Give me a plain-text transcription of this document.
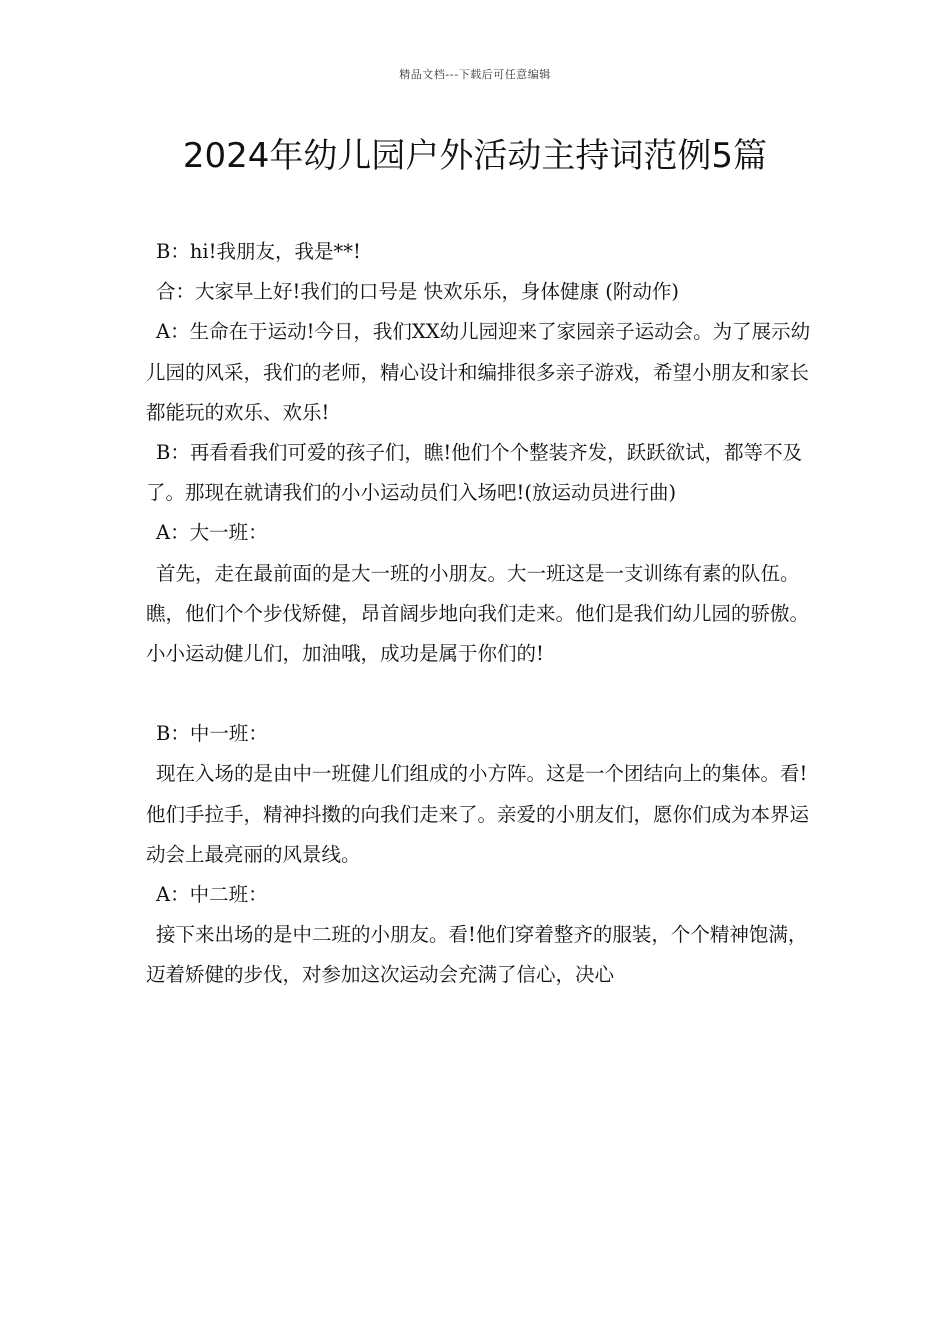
精品文档---下载后可任意编辑
2024年幼儿园户外活动主持词范例5篇

B：hi!我朋友，我是**!

合：大家早上好!我们的口号是 快欢乐乐，身体健康 (附动作)

A：生命在于运动!今日，我们XX幼儿园迎来了家园亲子运动会。为了展示幼儿园的风采，我们的老师，精心设计和编排很多亲子游戏，希望小朋友和家长都能玩的欢乐、欢乐!

B：再看看我们可爱的孩子们，瞧!他们个个整装齐发，跃跃欲试，都等不及了。那现在就请我们的小小运动员们入场吧!(放运动员进行曲)

A：大一班：

首先，走在最前面的是大一班的小朋友。大一班这是一支训练有素的队伍。瞧，他们个个步伐矫健，昂首阔步地向我们走来。他们是我们幼儿园的骄傲。小小运动健儿们，加油哦，成功是属于你们的!

B：中一班：

现在入场的是由中一班健儿们组成的小方阵。这是一个团结向上的集体。看!他们手拉手，精神抖擞的向我们走来了。亲爱的小朋友们，愿你们成为本界运动会上最亮丽的风景线。

A：中二班：

接下来出场的是中二班的小朋友。看!他们穿着整齐的服装，个个精神饱满，迈着矫健的步伐，对参加这次运动会充满了信心，决心
